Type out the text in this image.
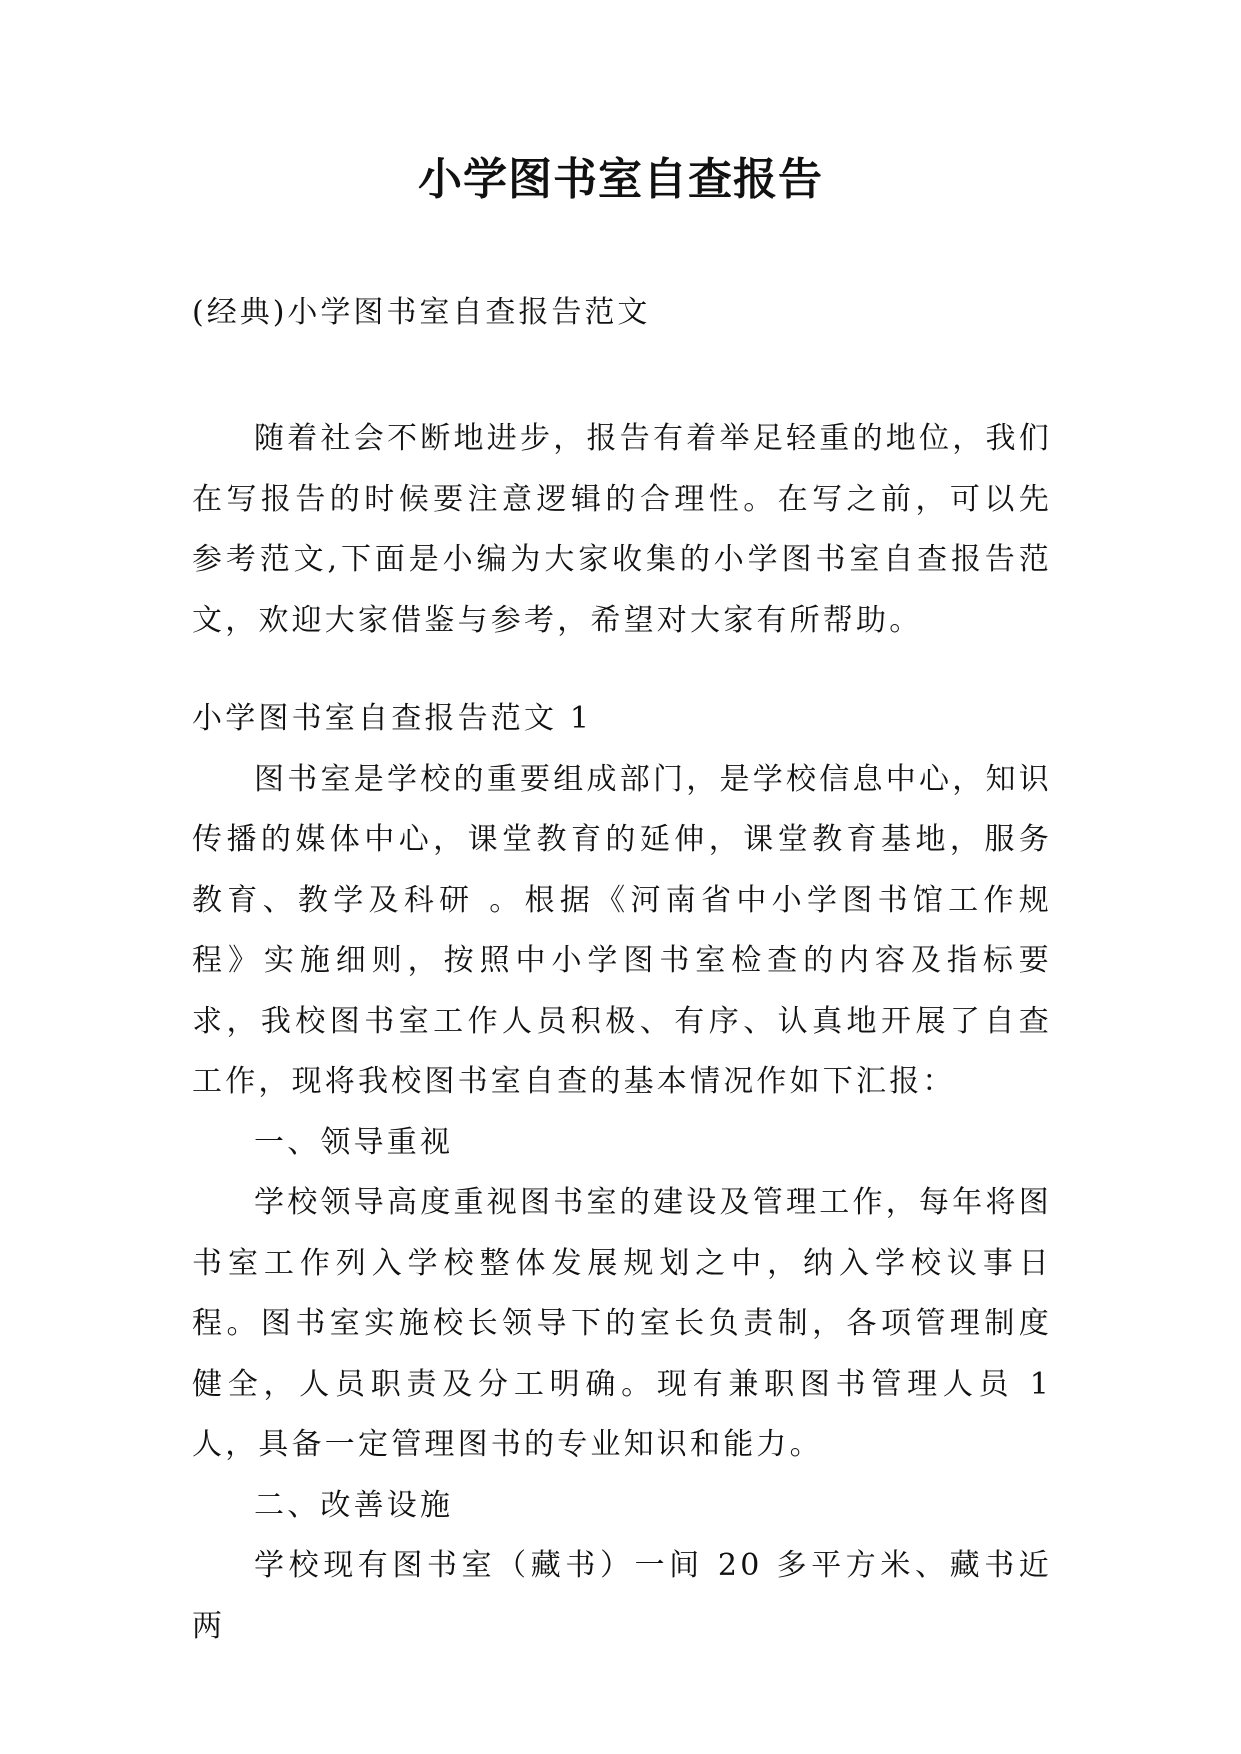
小学图书室自查报告
(经典)小学图书室自查报告范文

随着社会不断地进步，报告有着举足轻重的地位，我们在写报告的时候要注意逻辑的合理性。在写之前，可以先参考范文,下面是小编为大家收集的小学图书室自查报告范文，欢迎大家借鉴与参考，希望对大家有所帮助。

小学图书室自查报告范文 1

图书室是学校的重要组成部门，是学校信息中心，知识传播的媒体中心，课堂教育的延伸，课堂教育基地，服务教育、教学及科研 。根据《河南省中小学图书馆工作规程》实施细则，按照中小学图书室检查的内容及指标要求，我校图书室工作人员积极、有序、认真地开展了自查工作，现将我校图书室自查的基本情况作如下汇报：

一、领导重视

学校领导高度重视图书室的建设及管理工作，每年将图书室工作列入学校整体发展规划之中，纳入学校议事日程。图书室实施校长领导下的室长负责制，各项管理制度健全，人员职责及分工明确。现有兼职图书管理人员 1 人，具备一定管理图书的专业知识和能力。

二、改善设施

学校现有图书室（藏书）一间 20 多平方米、藏书近两
